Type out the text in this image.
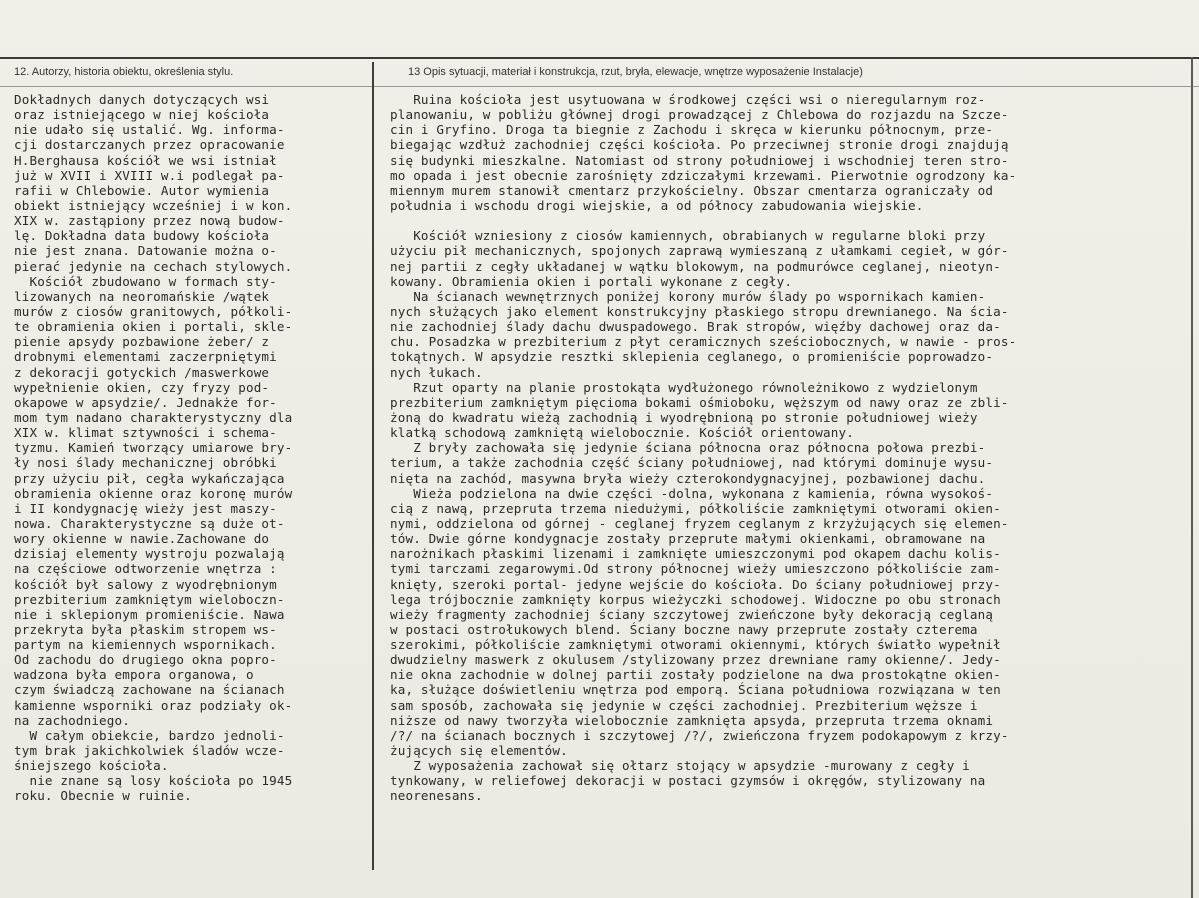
12. Autorzy, historia obiektu, określenia stylu.	13 Opis sytuacji, materiał i konstrukcja, rzut, bryła, elewacje, wnętrze wyposażenie Instalacje)
Dokładnych danych dotyczących wsi
oraz istniejącego w niej kościoła
nie udało się ustalić. Wg. informa-
cji dostarczanych przez opracowanie
H.Berghausa kościół we wsi istniał
już w XVII i XVIII w.i podlegał pa-
rafii w Chlebowie. Autor wymienia
obiekt istniejący wcześniej i w kon.
XIX w. zastąpiony przez nową budow-
lę. Dokładna data budowy kościoła
nie jest znana. Datowanie można o-
pierać jedynie na cechach stylowych.
Kościół zbudowano w formach sty-
lizowanych na neoromańskie /wątek
murów z ciosów granitowych, półkoli-
te obramienia okien i portali, skle-
pienie apsydy pozbawione żeber/ z
drobnymi elementami zaczerpniętymi
z dekoracji gotyckich /maswerkowe
wypełnienie okien, czy fryzy pod-
okapowe w apsydzie/. Jednakże for-
mom tym nadano charakterystyczny dla
XIX w. klimat sztywności i schema-
tyzmu. Kamień tworzący umiarowe bry-
ły nosi ślady mechanicznej obróbki
przy użyciu pił, cegła wykańczająca
obramienia okienne oraz koronę murów
i II kondygnację wieży jest maszy-
nowa. Charakterystyczne są duże ot-
wory okienne w nawie.Zachowane do
dzisiaj elementy wystroju pozwalają
na częściowe odtworzenie wnętrza :
kościół był salowy z wyodrębnionym
prezbiterium zamkniętym wieloboczn-
nie i sklepionym promieniście. Nawa
przekryta była płaskim stropem ws-
partym na kiemiennych wspornikach.
Od zachodu do drugiego okna popro-
wadzona była empora organowa, o
czym świadczą zachowane na ścianach
kamienne wsporniki oraz podziały ok-
na zachodniego.
W całym obiekcie, bardzo jednoli-
tym brak jakichkolwiek śladów wcze-
śniejszego kościoła.
nie znane są losy kościoła po 1945
roku. Obecnie w ruinie.
Ruina kościoła jest usytuowana w środkowej części wsi o nieregularnym roz-
planowaniu, w pobliżu głównej drogi prowadzącej z Chlebowa do rozjazdu na Szcze-
cin i Gryfino. Droga ta biegnie z Zachodu i skręca w kierunku północnym, prze-
biegając wzdłuż zachodniej części kościoła. Po przeciwnej stronie drogi znajdują
się budynki mieszkalne. Natomiast od strony południowej i wschodniej teren stro-
mo opada i jest obecnie zarośnięty zdziczałymi krzewami. Pierwotnie ogrodzony ka-
miennym murem stanowił cmentarz przykościelny. Obszar cmentarza ograniczały od
południa i wschodu drogi wiejskie, a od północy zabudowania wiejskie.
Kościół wzniesiony z ciosów kamiennych, obrabianych w regularne bloki przy
użyciu pił mechanicznych, spojonych zaprawą wymieszaną z ułamkami cegieł, w gór-
nej partii z cegły układanej w wątku blokowym, na podmurówce ceglanej, nieotyn-
kowany. Obramienia okien i portali wykonane z cegły.
Na ścianach wewnętrznych poniżej korony murów ślady po wspornikach kamien-
nych służących jako element konstrukcyjny płaskiego stropu drewnianego. Na ścia-
nie zachodniej ślady dachu dwuspadowego. Brak stropów, więźby dachowej oraz da-
chu. Posadzka w prezbiterium z płyt ceramicznych sześciobocznych, w nawie - pros-
tokątnych. W apsydzie resztki sklepienia ceglanego, o promieniście poprowadzo-
nych łukach.
Rzut oparty na planie prostokąta wydłużonego równoleżnikowo z wydzielonym
prezbiterium zamkniętym pięcioma bokami ośmioboku, węższym od nawy oraz ze zbli-
żoną do kwadratu wieżą zachodnią i wyodrębnioną po stronie południowej wieży
klatką schodową zamkniętą wielobocznie. Kościół orientowany.
Z bryły zachowała się jedynie ściana północna oraz północna połowa prezbi-
terium, a także zachodnia część ściany południowej, nad którymi dominuje wysu-
nięta na zachód, masywna bryła wieży czterokondygnacyjnej, pozbawionej dachu.
Wieża podzielona na dwie części -dolna, wykonana z kamienia, równa wysokoś-
cią z nawą, przepruta trzema niedużymi, półkoliście zamkniętymi otworami okien-
nymi, oddzielona od górnej - ceglanej fryzem ceglanym z krzyżujących się elemen-
tów. Dwie górne kondygnacje zostały przeprute małymi okienkami, obramowane na
narożnikach płaskimi lizenami i zamknięte umieszczonymi pod okapem dachu kolis-
tymi tarczami zegarowymi.Od strony północnej wieży umieszczono półkoliście zam-
knięty, szeroki portal- jedyne wejście do kościoła. Do ściany południowej przy-
lega trójbocznie zamknięty korpus wieżyczki schodowej. Widoczne po obu stronach
wieży fragmenty zachodniej ściany szczytowej zwieńczone były dekoracją ceglaną
w postaci ostrołukowych blend. Ściany boczne nawy przeprute zostały czterema
szerokimi, półkoliście zamkniętymi otworami okiennymi, których światło wypełnił
dwudzielny maswerk z okulusem /stylizowany przez drewniane ramy okienne/. Jedy-
nie okna zachodnie w dolnej partii zostały podzielone na dwa prostokątne okien-
ka, służące doświetleniu wnętrza pod emporą. Ściana południowa rozwiązana w ten
sam sposób, zachowała się jedynie w części zachodniej. Prezbiterium węższe i
niższe od nawy tworzyła wielobocznie zamknięta apsyda, przepruta trzema oknami
/?/ na ścianach bocznych i szczytowej /?/, zwieńczona fryzem podokapowym z krzy-
żujących się elementów.
Z wyposażenia zachował się ołtarz stojący w apsydzie -murowany z cegły i
tynkowany, w reliefowej dekoracji w postaci gzymsów i okręgów, stylizowany na
neorenesans.
